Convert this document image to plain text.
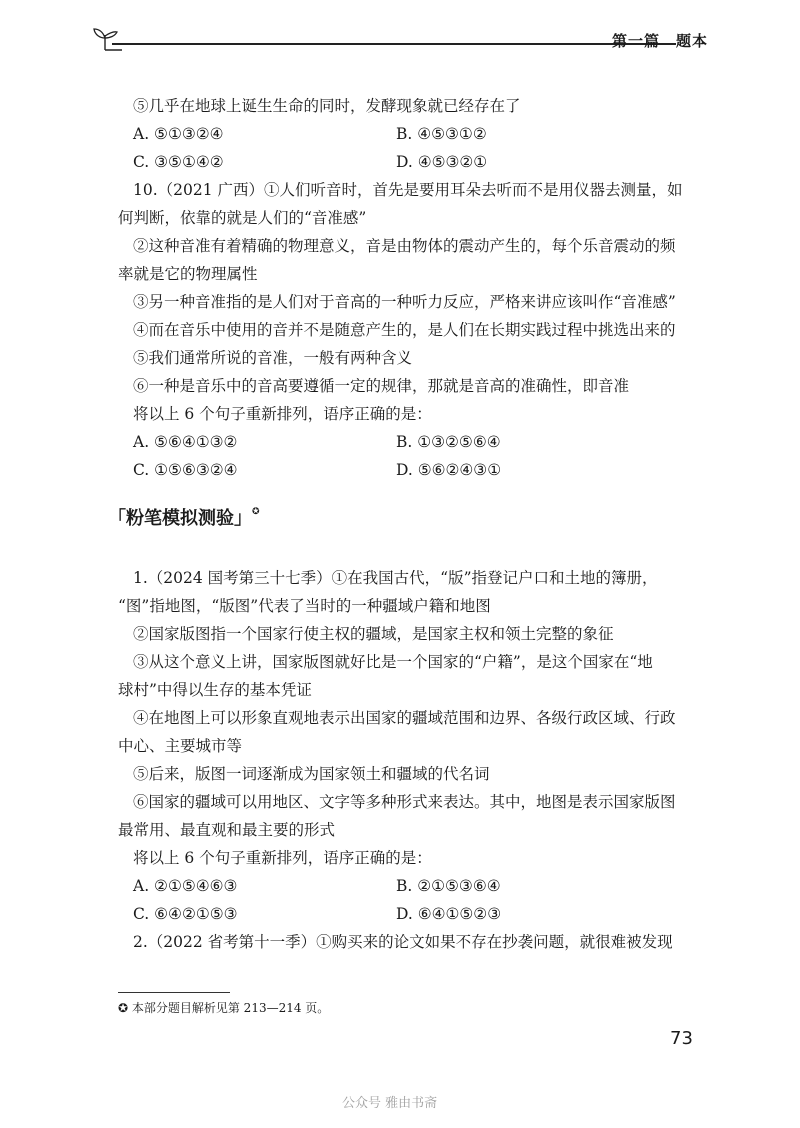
第一篇　题本

⑤几乎在地球上诞生生命的同时，发酵现象就已经存在了

A. ⑤①③②④	B. ④⑤③①②
C. ③⑤①④②	D. ④⑤③②①

10.（2021 广西）①人们听音时，首先是要用耳朵去听而不是用仪器去测量，如

何判断，依靠的就是人们的“音准感”

②这种音准有着精确的物理意义，音是由物体的震动产生的，每个乐音震动的频

率就是它的物理属性

③另一种音准指的是人们对于音高的一种听力反应，严格来讲应该叫作“音准感”

④而在音乐中使用的音并不是随意产生的，是人们在长期实践过程中挑选出来的

⑤我们通常所说的音准，一般有两种含义

⑥一种是音乐中的音高要遵循一定的规律，那就是音高的准确性，即音准

将以上 6 个句子重新排列，语序正确的是：

A. ⑤⑥④①③②	B. ①③②⑤⑥④
C. ①⑤⑥③②④	D. ⑤⑥②④③①
「粉笔模拟测验」✪

1.（2024 国考第三十七季）①在我国古代，“版”指登记户口和土地的簿册，

“图”指地图，“版图”代表了当时的一种疆域户籍和地图

②国家版图指一个国家行使主权的疆域，是国家主权和领土完整的象征

③从这个意义上讲，国家版图就好比是一个国家的“户籍”，是这个国家在“地

球村”中得以生存的基本凭证

④在地图上可以形象直观地表示出国家的疆域范围和边界、各级行政区域、行政

中心、主要城市等

⑤后来，版图一词逐渐成为国家领土和疆域的代名词

⑥国家的疆域可以用地区、文字等多种形式来表达。其中，地图是表示国家版图

最常用、最直观和最主要的形式

将以上 6 个句子重新排列，语序正确的是：

A. ②①⑤④⑥③	B. ②①⑤③⑥④
C. ⑥④②①⑤③	D. ⑥④①⑤②③

2.（2022 省考第十一季）①购买来的论文如果不存在抄袭问题，就很难被发现

✪ 本部分题目解析见第 213—214 页。
73
公众号 雅由书斋
